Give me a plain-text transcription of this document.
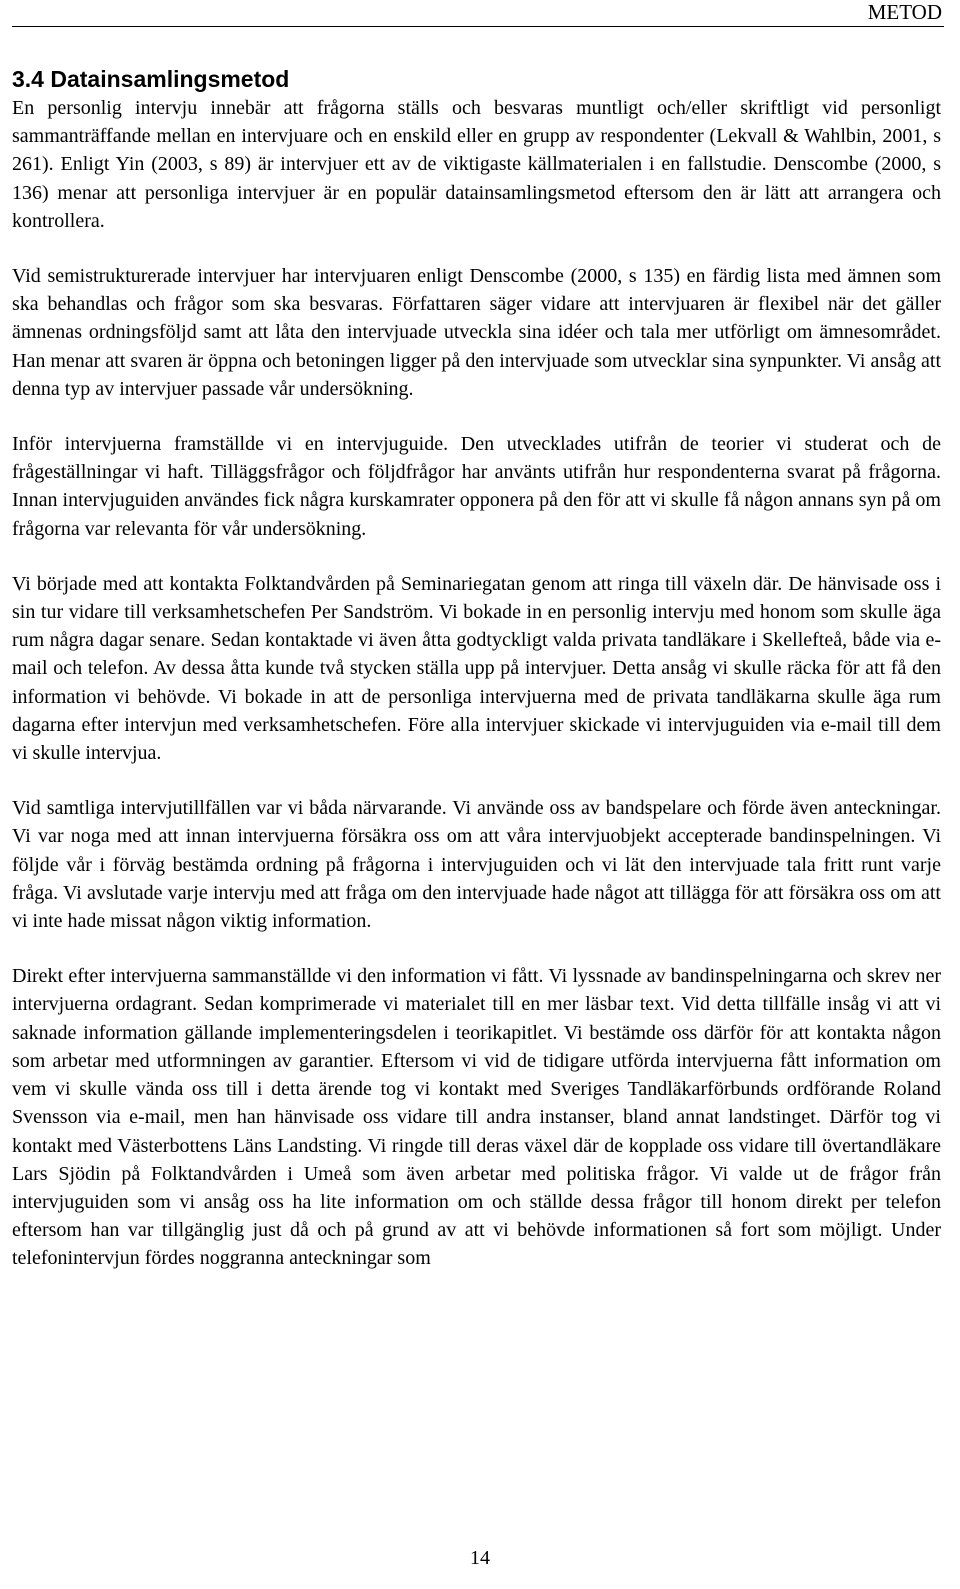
METOD
3.4 Datainsamlingsmetod

En personlig intervju innebär att frågorna ställs och besvaras muntligt och/eller skriftligt vid personligt sammanträffande mellan en intervjuare och en enskild eller en grupp av respondenter (Lekvall & Wahlbin, 2001, s 261). Enligt Yin (2003, s 89) är intervjuer ett av de viktigaste källmaterialen i en fallstudie. Denscombe (2000, s 136) menar att personliga intervjuer är en populär datainsamlingsmetod eftersom den är lätt att arrangera och kontrollera.

Vid semistrukturerade intervjuer har intervjuaren enligt Denscombe (2000, s 135) en färdig lista med ämnen som ska behandlas och frågor som ska besvaras. Författaren säger vidare att intervjuaren är flexibel när det gäller ämnenas ordningsföljd samt att låta den intervjuade utveckla sina idéer och tala mer utförligt om ämnesområdet. Han menar att svaren är öppna och betoningen ligger på den intervjuade som utvecklar sina synpunkter. Vi ansåg att denna typ av intervjuer passade vår undersökning.

Inför intervjuerna framställde vi en intervjuguide. Den utvecklades utifrån de teorier vi studerat och de frågeställningar vi haft. Tilläggsfrågor och följdfrågor har använts utifrån hur respondenterna svarat på frågorna. Innan intervjuguiden användes fick några kurskamrater opponera på den för att vi skulle få någon annans syn på om frågorna var relevanta för vår undersökning.

Vi började med att kontakta Folktandvården på Seminariegatan genom att ringa till växeln där. De hänvisade oss i sin tur vidare till verksamhetschefen Per Sandström. Vi bokade in en personlig intervju med honom som skulle äga rum några dagar senare. Sedan kontaktade vi även åtta godtyckligt valda privata tandläkare i Skellefteå, både via e-mail och telefon. Av dessa åtta kunde två stycken ställa upp på intervjuer. Detta ansåg vi skulle räcka för att få den information vi behövde. Vi bokade in att de personliga intervjuerna med de privata tandläkarna skulle äga rum dagarna efter intervjun med verksamhetschefen. Före alla intervjuer skickade vi intervjuguiden via e-mail till dem vi skulle intervjua.

Vid samtliga intervjutillfällen var vi båda närvarande. Vi använde oss av bandspelare och förde även anteckningar. Vi var noga med att innan intervjuerna försäkra oss om att våra intervjuobjekt accepterade bandinspelningen. Vi följde vår i förväg bestämda ordning på frågorna i intervjuguiden och vi lät den intervjuade tala fritt runt varje fråga. Vi avslutade varje intervju med att fråga om den intervjuade hade något att tillägga för att försäkra oss om att vi inte hade missat någon viktig information.

Direkt efter intervjuerna sammanställde vi den information vi fått. Vi lyssnade av bandinspelningarna och skrev ner intervjuerna ordagrant. Sedan komprimerade vi materialet till en mer läsbar text. Vid detta tillfälle insåg vi att vi saknade information gällande implementeringsdelen i teorikapitlet. Vi bestämde oss därför för att kontakta någon som arbetar med utformningen av garantier. Eftersom vi vid de tidigare utförda intervjuerna fått information om vem vi skulle vända oss till i detta ärende tog vi kontakt med Sveriges Tandläkarförbunds ordförande Roland Svensson via e-mail, men han hänvisade oss vidare till andra instanser, bland annat landstinget. Därför tog vi kontakt med Västerbottens Läns Landsting. Vi ringde till deras växel där de kopplade oss vidare till övertandläkare Lars Sjödin på Folktandvården i Umeå som även arbetar med politiska frågor. Vi valde ut de frågor från intervjuguiden som vi ansåg oss ha lite information om och ställde dessa frågor till honom direkt per telefon eftersom han var tillgänglig just då och på grund av att vi behövde informationen så fort som möjligt. Under telefonintervjun fördes noggranna anteckningar som

14
